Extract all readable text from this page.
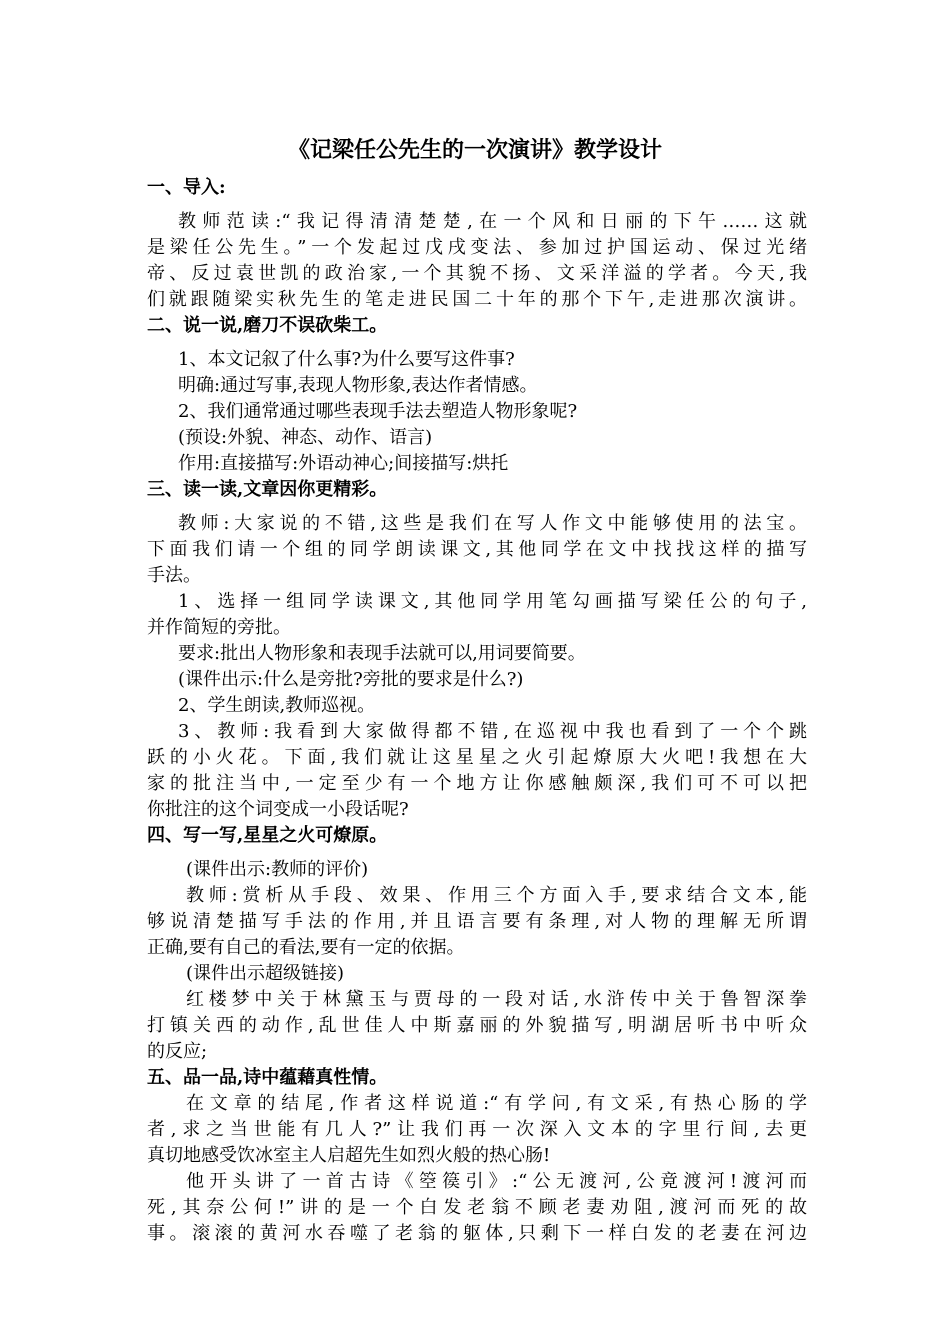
《记梁任公先生的一次演讲》教学设计
一、导入:
教师范读:“我记得清清楚楚,在一个风和日丽的下午……这就
是梁任公先生。”一个发起过戊戌变法、参加过护国运动、保过光绪
帝、反过袁世凯的政治家,一个其貌不扬、文采洋溢的学者。今天,我
们就跟随梁实秋先生的笔走进民国二十年的那个下午,走进那次演讲。
二、说一说,磨刀不误砍柴工。
1、本文记叙了什么事?为什么要写这件事?
明确:通过写事,表现人物形象,表达作者情感。
2、我们通常通过哪些表现手法去塑造人物形象呢?
(预设:外貌、神态、动作、语言)
作用:直接描写:外语动神心;间接描写:烘托
三、读一读,文章因你更精彩。
教师:大家说的不错,这些是我们在写人作文中能够使用的法宝。
下面我们请一个组的同学朗读课文,其他同学在文中找找这样的描写
手法。
1、选择一组同学读课文,其他同学用笔勾画描写梁任公的句子,
并作简短的旁批。
要求:批出人物形象和表现手法就可以,用词要简要。
(课件出示:什么是旁批?旁批的要求是什么?)
2、学生朗读,教师巡视。
3、教师:我看到大家做得都不错,在巡视中我也看到了一个个跳
跃的小火花。下面,我们就让这星星之火引起燎原大火吧!我想在大
家的批注当中,一定至少有一个地方让你感触颇深,我们可不可以把
你批注的这个词变成一小段话呢?
四、写一写,星星之火可燎原。
(课件出示:教师的评价)
教师:赏析从手段、效果、作用三个方面入手,要求结合文本,能
够说清楚描写手法的作用,并且语言要有条理,对人物的理解无所谓
正确,要有自己的看法,要有一定的依据。
(课件出示超级链接)
红楼梦中关于林黛玉与贾母的一段对话,水浒传中关于鲁智深拳
打镇关西的动作,乱世佳人中斯嘉丽的外貌描写,明湖居听书中听众
的反应;
五、品一品,诗中蕴藉真性情。
在文章的结尾,作者这样说道:“有学问,有文采,有热心肠的学
者,求之当世能有几人?”让我们再一次深入文本的字里行间,去更
真切地感受饮冰室主人启超先生如烈火般的热心肠!
他开头讲了一首古诗《箜篌引》:“公无渡河,公竟渡河!渡河而
死,其奈公何!”讲的是一个白发老翁不顾老妻劝阻,渡河而死的故
事。滚滚的黄河水吞噬了老翁的躯体,只剩下一样白发的老妻在河边
